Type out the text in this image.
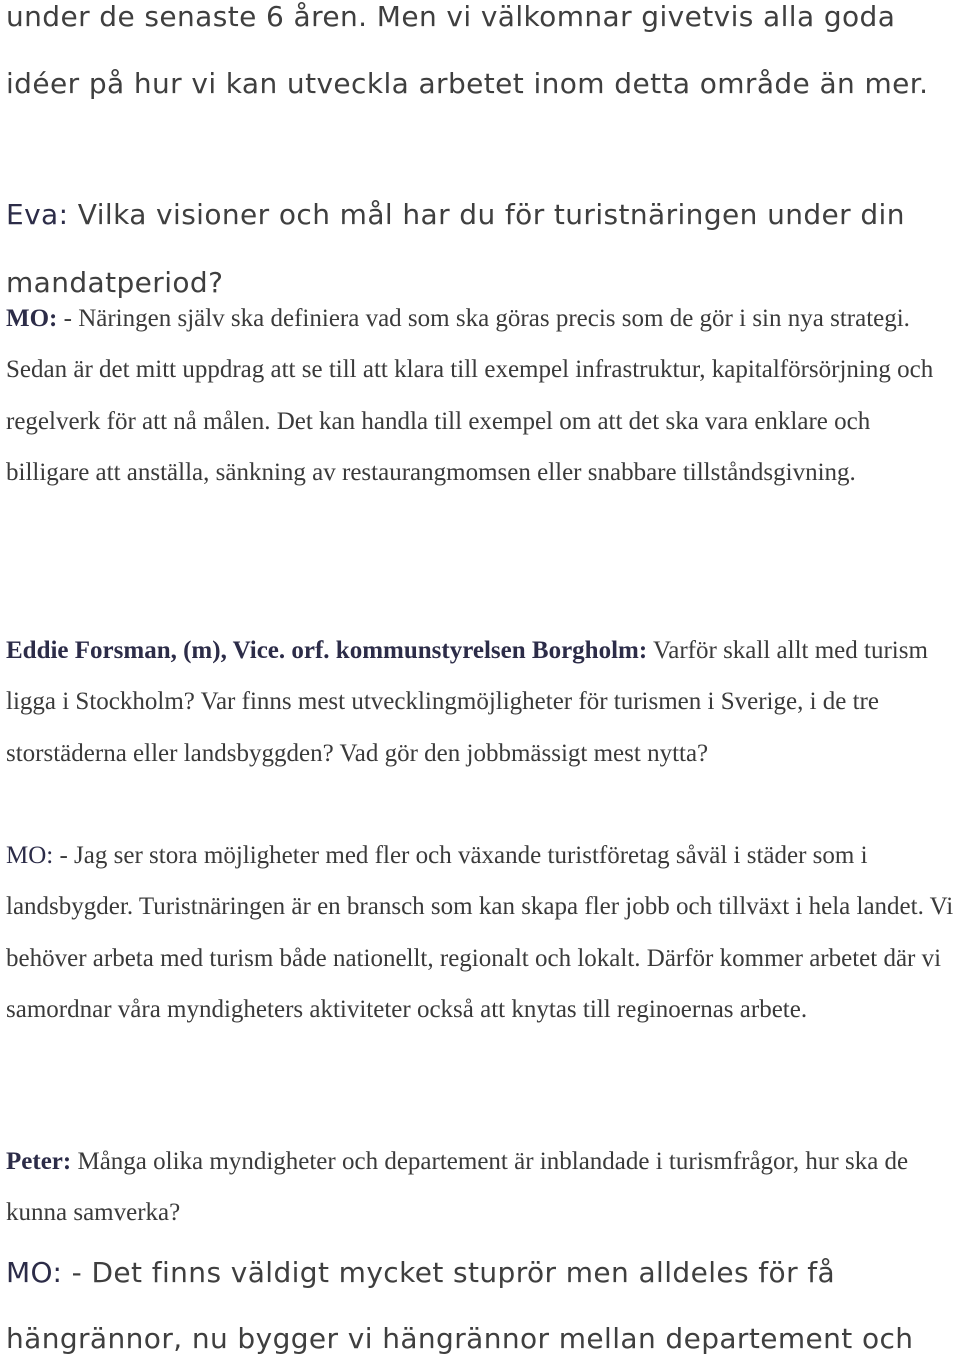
under de senaste 6 åren. Men vi välkomnar givetvis alla goda idéer på hur vi kan utveckla arbetet inom detta område än mer.

Eva: Vilka visioner och mål har du för turistnäringen under din mandatperiod?

MO: - Näringen själv ska definiera vad som ska göras precis som de gör i sin nya strategi. Sedan är det mitt uppdrag att se till att klara till exempel infrastruktur, kapitalförsörjning och regelverk för att nå målen. Det kan handla till exempel om att det ska vara enklare och billigare att anställa, sänkning av restaurangmomsen eller snabbare tillståndsgivning.

Eddie Forsman, (m), Vice. orf. kommunstyrelsen Borgholm: Varför skall allt med turism ligga i Stockholm? Var finns mest utvecklingmöjligheter för turismen i Sverige, i de tre storstäderna eller landsbyggden? Vad gör den jobbmässigt mest nytta?

MO: - Jag ser stora möjligheter med fler och växande turistföretag såväl i städer som i landsbygder. Turistnäringen är en bransch som kan skapa fler jobb och tillväxt i hela landet. Vi behöver arbeta med turism både nationellt, regionalt och lokalt. Därför kommer arbetet där vi samordnar våra myndigheters aktiviteter också att knytas till reginoernas arbete.

Peter: Många olika myndigheter och departement är inblandade i turismfrågor, hur ska de kunna samverka?

MO: - Det finns väldigt mycket stuprör men alldeles för få hängrännor, nu bygger vi hängrännor mellan departement och
